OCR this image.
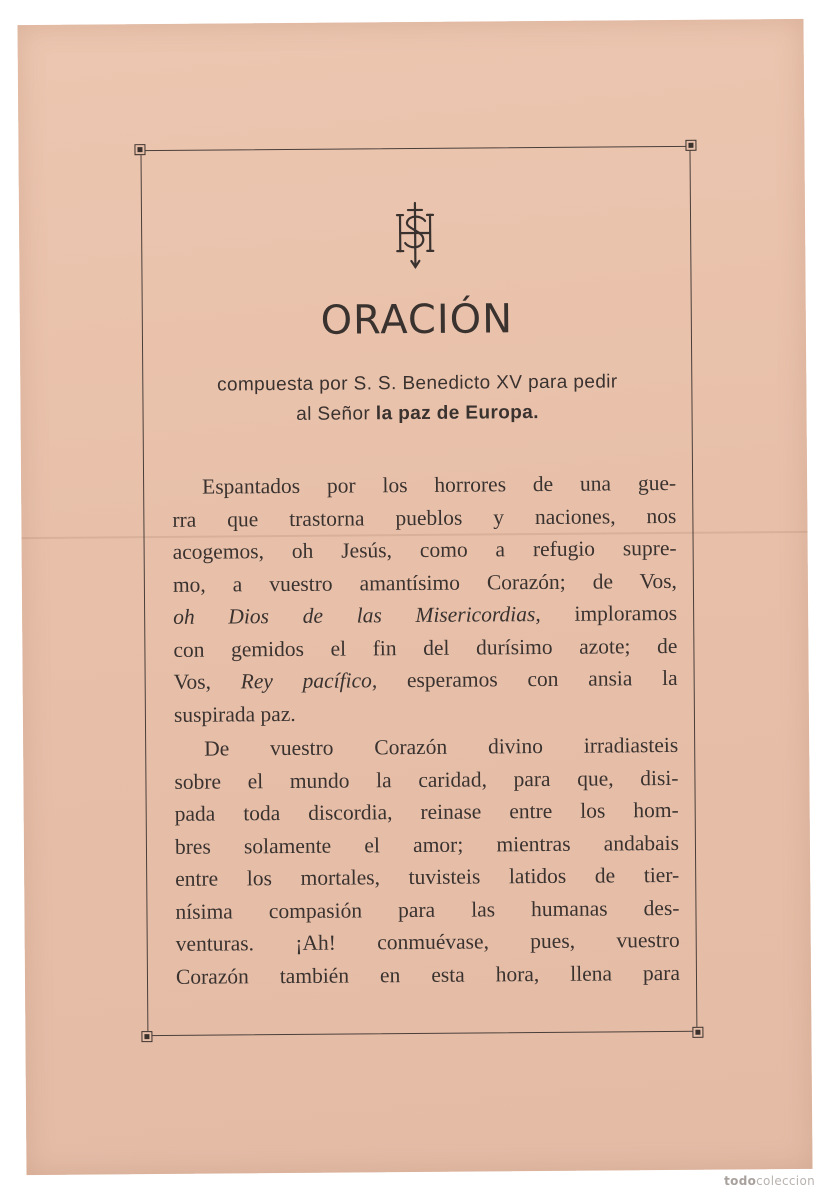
ORACIÓN
compuesta por S. S. Benedicto XV para pedir
al Señor la paz de Europa.
Espantados por los horrores de una gue-
rra que trastorna pueblos y naciones, nos
acogemos, oh Jesús, como a refugio supre-
mo, a vuestro amantísimo Corazón; de Vos,
oh Dios de las Misericordias, imploramos
con gemidos el fin del durísimo azote; de
Vos, Rey pacífico, esperamos con ansia la
suspirada paz.
De vuestro Corazón divino irradiasteis
sobre el mundo la caridad, para que, disi-
pada toda discordia, reinase entre los hom-
bres solamente el amor; mientras andabais
entre los mortales, tuvisteis latidos de tier-
nísima compasión para las humanas des-
venturas. ¡Ah! conmuévase, pues, vuestro
Corazón también en esta hora, llena para
todocoleccion
